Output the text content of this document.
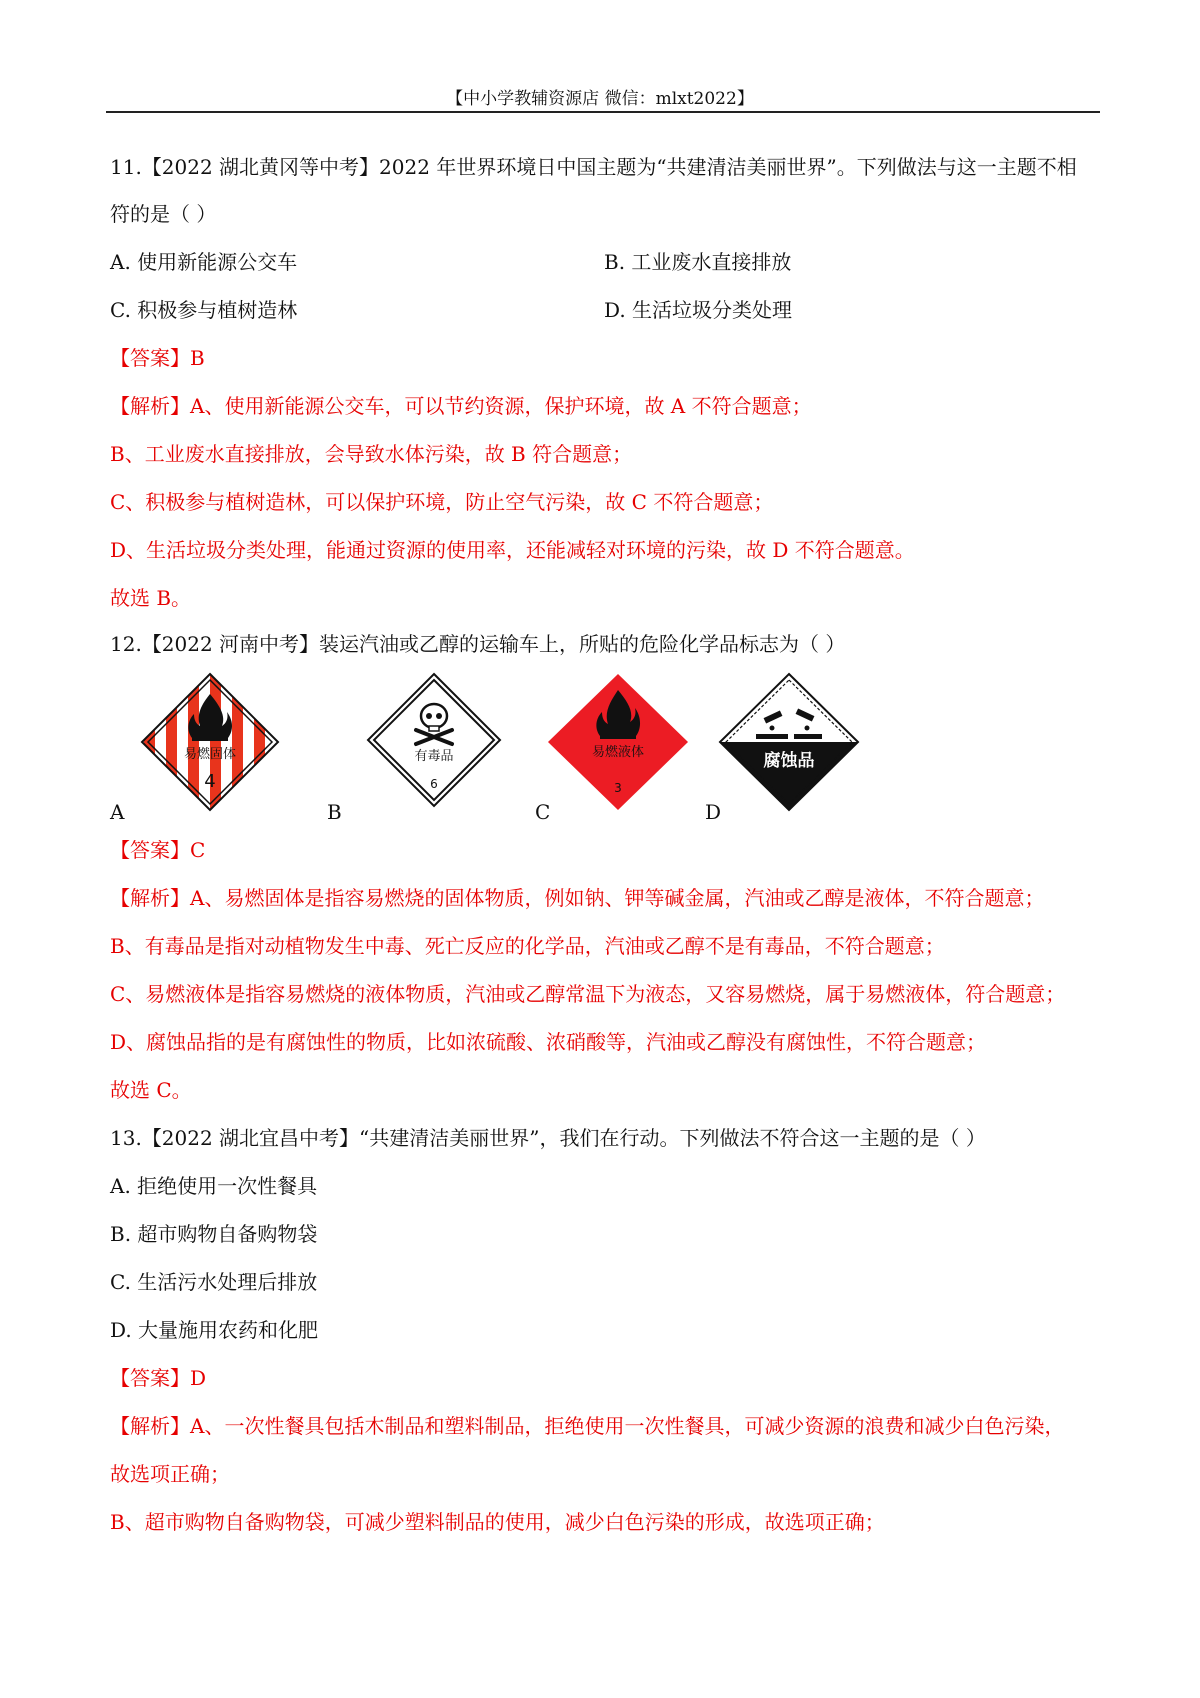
【中小学教辅资源店 微信：mlxt2022】
11.【2022 湖北黄冈等中考】2022 年世界环境日中国主题为“共建清洁美丽世界”。下列做法与这一主题不相
符的是（ ）
A. 使用新能源公交车	B. 工业废水直接排放
C. 积极参与植树造林	D. 生活垃圾分类处理
【答案】B
【解析】A、使用新能源公交车，可以节约资源，保护环境，故 A 不符合题意；
B、工业废水直接排放，会导致水体污染，故 B 符合题意；
C、积极参与植树造林，可以保护环境，防止空气污染，故 C 不符合题意；
D、生活垃圾分类处理，能通过资源的使用率，还能减轻对环境的污染，故 D 不符合题意。
故选 B。
12.【2022 河南中考】装运汽油或乙醇的运输车上，所贴的危险化学品标志为（ ）
易燃固体
4
A
有毒品
6
B
易燃液体
3
C
腐蚀品
D
【答案】C
【解析】A、易燃固体是指容易燃烧的固体物质，例如钠、钾等碱金属，汽油或乙醇是液体，不符合题意；
B、有毒品是指对动植物发生中毒、死亡反应的化学品，汽油或乙醇不是有毒品，不符合题意；
C、易燃液体是指容易燃烧的液体物质，汽油或乙醇常温下为液态，又容易燃烧，属于易燃液体，符合题意；
D、腐蚀品指的是有腐蚀性的物质，比如浓硫酸、浓硝酸等，汽油或乙醇没有腐蚀性，不符合题意；
故选 C。
13.【2022 湖北宜昌中考】“共建清洁美丽世界”，我们在行动。下列做法不符合这一主题的是（ ）
A. 拒绝使用一次性餐具
B. 超市购物自备购物袋
C. 生活污水处理后排放
D. 大量施用农药和化肥
【答案】D
【解析】A、一次性餐具包括木制品和塑料制品，拒绝使用一次性餐具，可减少资源的浪费和减少白色污染，
故选项正确；
B、超市购物自备购物袋，可减少塑料制品的使用，减少白色污染的形成，故选项正确；
